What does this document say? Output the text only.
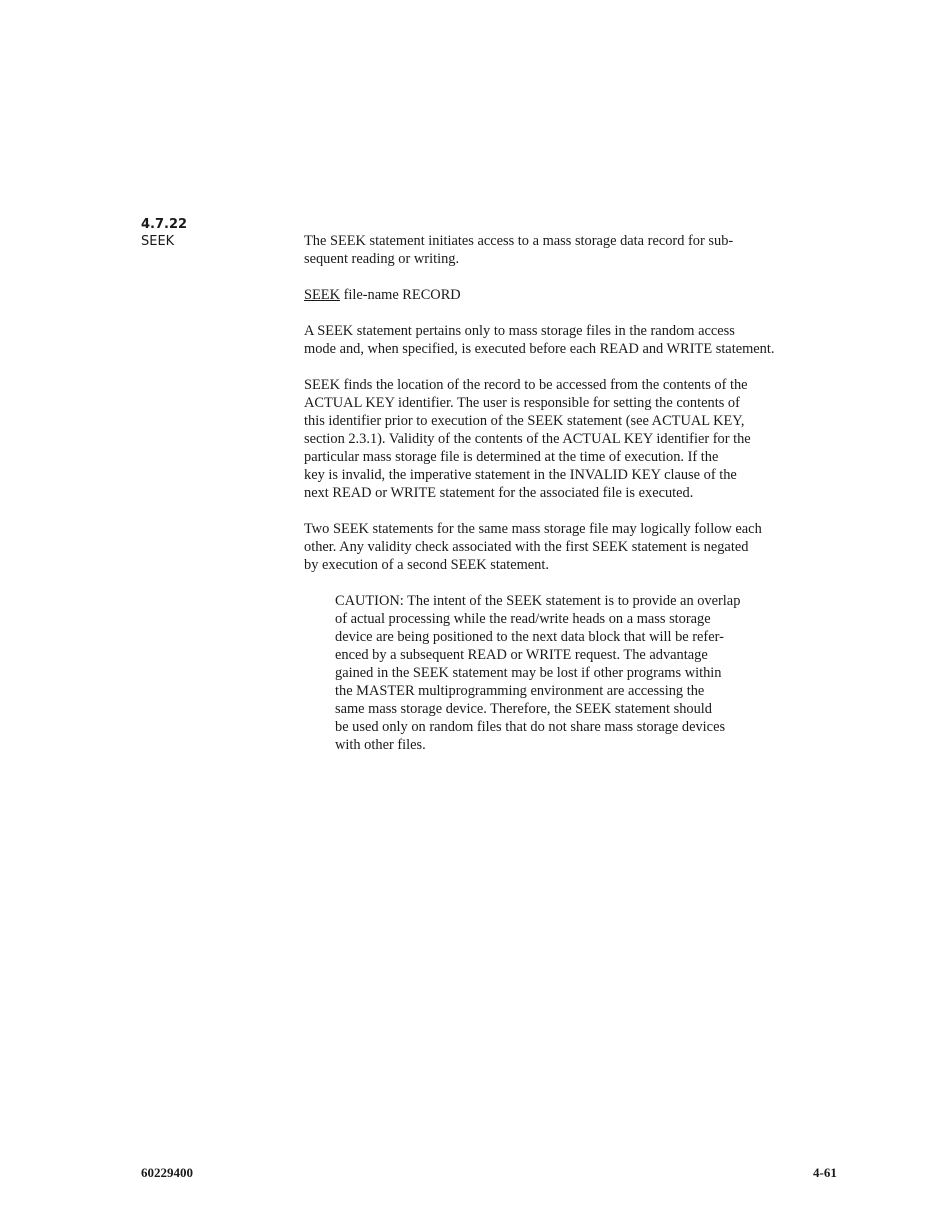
4.7.22
SEEK	The SEEK statement initiates access to a mass storage data record for sub-
sequent reading or writing.

SEEK file-name RECORD

A SEEK statement pertains only to mass storage files in the random access
mode and, when specified, is executed before each READ and WRITE statement.

SEEK finds the location of the record to be accessed from the contents of the
ACTUAL KEY identifier. The user is responsible for setting the contents of
this identifier prior to execution of the SEEK statement (see ACTUAL KEY,
section 2.3.1). Validity of the contents of the ACTUAL KEY identifier for the
particular mass storage file is determined at the time of execution. If the
key is invalid, the imperative statement in the INVALID KEY clause of the
next READ or WRITE statement for the associated file is executed.

Two SEEK statements for the same mass storage file may logically follow each
other. Any validity check associated with the first SEEK statement is negated
by execution of a second SEEK statement.

CAUTION: The intent of the SEEK statement is to provide an overlap
of actual processing while the read/write heads on a mass storage
device are being positioned to the next data block that will be refer-
enced by a subsequent READ or WRITE request. The advantage
gained in the SEEK statement may be lost if other programs within
the MASTER multiprogramming environment are accessing the
same mass storage device. Therefore, the SEEK statement should
be used only on random files that do not share mass storage devices
with other files.
60229400	4-61
